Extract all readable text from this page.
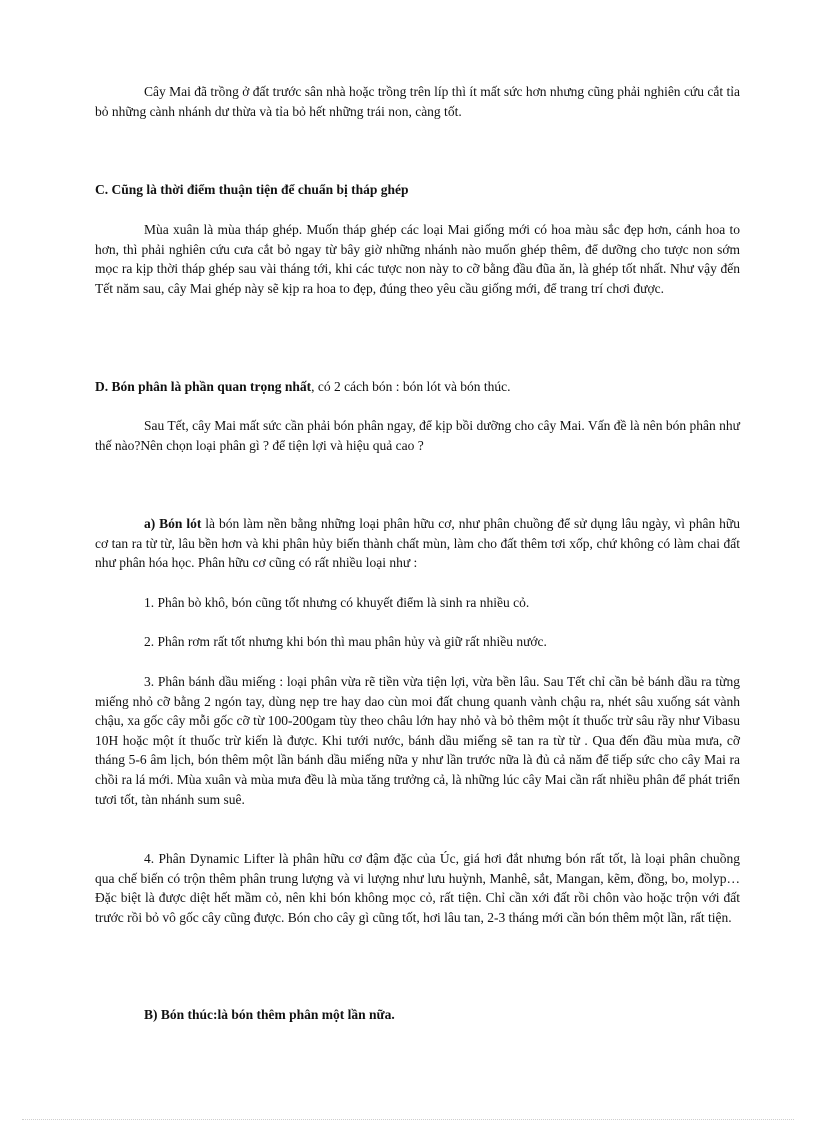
Cây Mai đã trồng ở đất trước sân nhà hoặc trồng trên líp thì ít mất sức hơn nhưng cũng phải nghiên cứu cắt tỉa bỏ những cành nhánh dư thừa và tỉa bỏ hết những trái non, càng tốt.

C. Cũng là thời điểm thuận tiện để chuẩn bị tháp ghép

Mùa xuân là mùa tháp ghép. Muốn tháp ghép các loại Mai giống mới có hoa màu sắc đẹp hơn, cánh hoa to hơn, thì phải nghiên cứu cưa cắt bỏ ngay từ bây giờ những nhánh nào muốn ghép thêm, để dưỡng cho tược non sớm mọc ra kịp thời tháp ghép sau vài tháng tới, khi các tược non này to cỡ bằng đầu đũa ăn, là ghép tốt nhất. Như vậy đến Tết năm sau, cây Mai ghép này sẽ kịp ra hoa to đẹp, đúng theo yêu cầu giống mới, để trang trí chơi được.

D. Bón phân là phần quan trọng nhất, có 2 cách bón : bón lót và bón thúc.

Sau Tết, cây Mai mất sức cần phải bón phân ngay, để kịp bồi dưỡng cho cây Mai. Vấn đề là nên bón phân như thế nào?Nên chọn loại phân gì ? để tiện lợi và hiệu quả cao ?

a) Bón lót là bón làm nền bằng những loại phân hữu cơ, như phân chuồng để sử dụng lâu ngày, vì phân hữu cơ tan ra từ từ, lâu bền hơn và khi phân hủy biến thành chất mùn, làm cho đất thêm tơi xốp, chứ không có làm chai đất như phân hóa học. Phân hữu cơ cũng có rất nhiều loại như :

1. Phân bò khô, bón cũng tốt nhưng có khuyết điểm là sinh ra nhiều cỏ.

2. Phân rơm rất tốt nhưng khi bón thì mau phân hủy và giữ rất nhiều nước.

3. Phân bánh dầu miếng : loại phân vừa rẽ tiền vừa tiện lợi, vừa bền lâu. Sau Tết chỉ cần bẻ bánh dầu ra từng miếng nhỏ cỡ bằng 2 ngón tay, dùng nẹp tre hay dao cùn moi đất chung quanh vành chậu ra, nhét sâu xuống sát vành chậu, xa gốc cây mỗi gốc cỡ từ 100-200gam tùy theo châu lớn hay nhỏ và bỏ thêm một ít thuốc trừ sâu rầy như Vibasu 10H hoặc một ít thuốc trừ kiến là được. Khi tưới nước, bánh dầu miếng sẽ tan ra từ từ . Qua đến đầu mùa mưa, cỡ tháng 5-6 âm lịch, bón thêm một lần bánh dầu miếng nữa y như lần trước nữa là đủ cả năm để tiếp sức cho cây Mai ra chồi ra lá mới. Mùa xuân và mùa mưa đều là mùa tăng trưởng cả, là những lúc cây Mai cần rất nhiều phân để phát triển tươi tốt, tàn nhánh sum suê.

4. Phân Dynamic Lifter là phân hữu cơ đậm đặc của Úc, giá hơi đắt nhưng bón rất tốt, là loại phân chuồng qua chế biến có trộn thêm phân trung lượng và vi lượng như lưu huỳnh, Manhê, sắt, Mangan, kẽm, đồng, bo, molyp…Đặc biệt là được diệt hết mầm cỏ, nên khi bón không mọc cỏ, rất tiện. Chỉ cần xới đất rồi chôn vào hoặc trộn với đất trước rồi bỏ vô gốc cây cũng được. Bón cho cây gì cũng tốt, hơi lâu tan, 2-3 tháng mới cần bón thêm một lần, rất tiện.

B) Bón thúc:là bón thêm phân một lần nữa.
